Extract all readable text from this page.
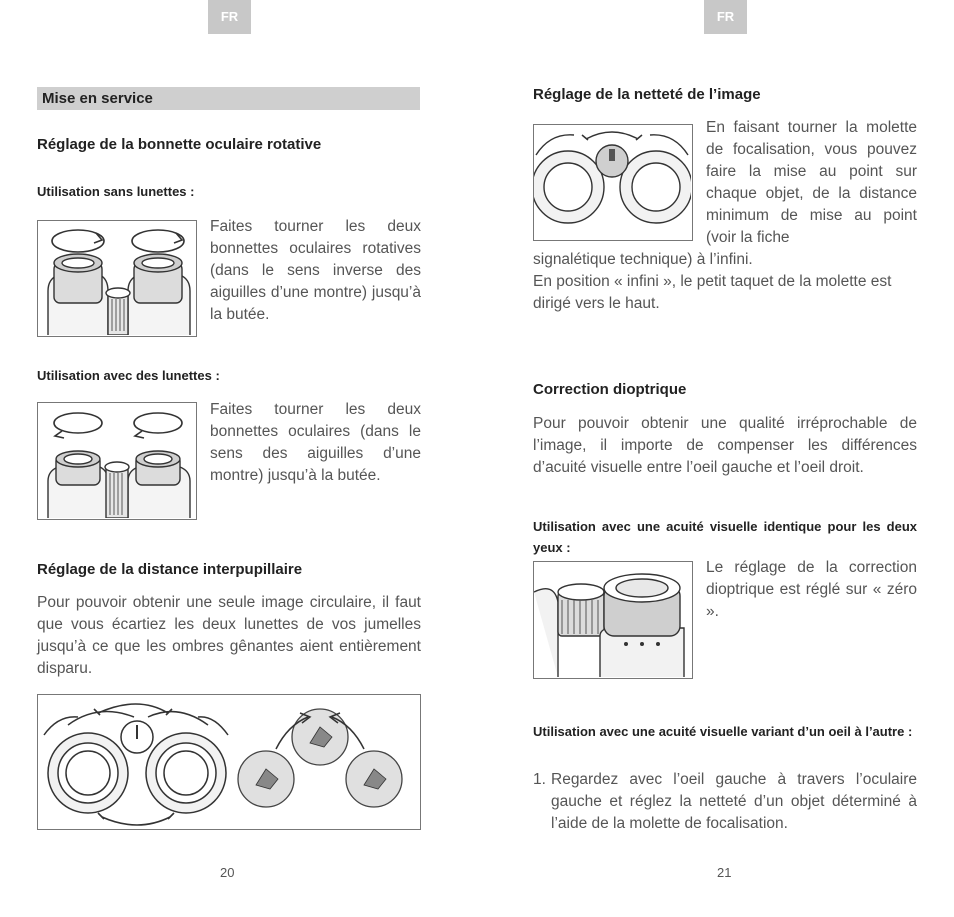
FR
Mise en service
Réglage de la bonnette oculaire rotative
Utilisation sans lunettes :
Faites tourner les deux bonnettes oculaires rotatives (dans le sens inverse des aiguilles d’une montre) jusqu’à la butée.
Utilisation avec des lunettes :
Faites tourner les deux bonnettes oculaires (dans le sens des aiguilles d’une montre) jusqu’à la butée.
Réglage de la distance interpupillaire
Pour pouvoir obtenir une seule image circulaire, il faut que vous écartiez les deux lunettes de vos jumelles jusqu’à ce que les ombres gênantes aient entièrement disparu.
20
FR
Réglage de la netteté de l’image
En faisant tourner la molette de focalisation, vous pouvez faire la mise au point sur chaque objet, de la distance minimum de mise au point (voir la fiche
signalétique technique) à l’infini.
En position « infini », le petit taquet de la molette est dirigé vers le haut.
Correction dioptrique
Pour pouvoir obtenir une qualité irréprochable de l’image, il importe de compenser les différences d’acuité visuelle entre l’oeil gauche et l’oeil droit.
Utilisation avec une acuité visuelle identique pour les deux yeux :
Le réglage de la correction dioptrique est réglé sur « zéro ».
Utilisation avec une acuité visuelle variant d’un oeil à l’autre :
1. Regardez avec l’oeil gauche à travers l’oculaire gauche et réglez la netteté d’un objet déterminé à l’aide de la molette de focalisation.
21
